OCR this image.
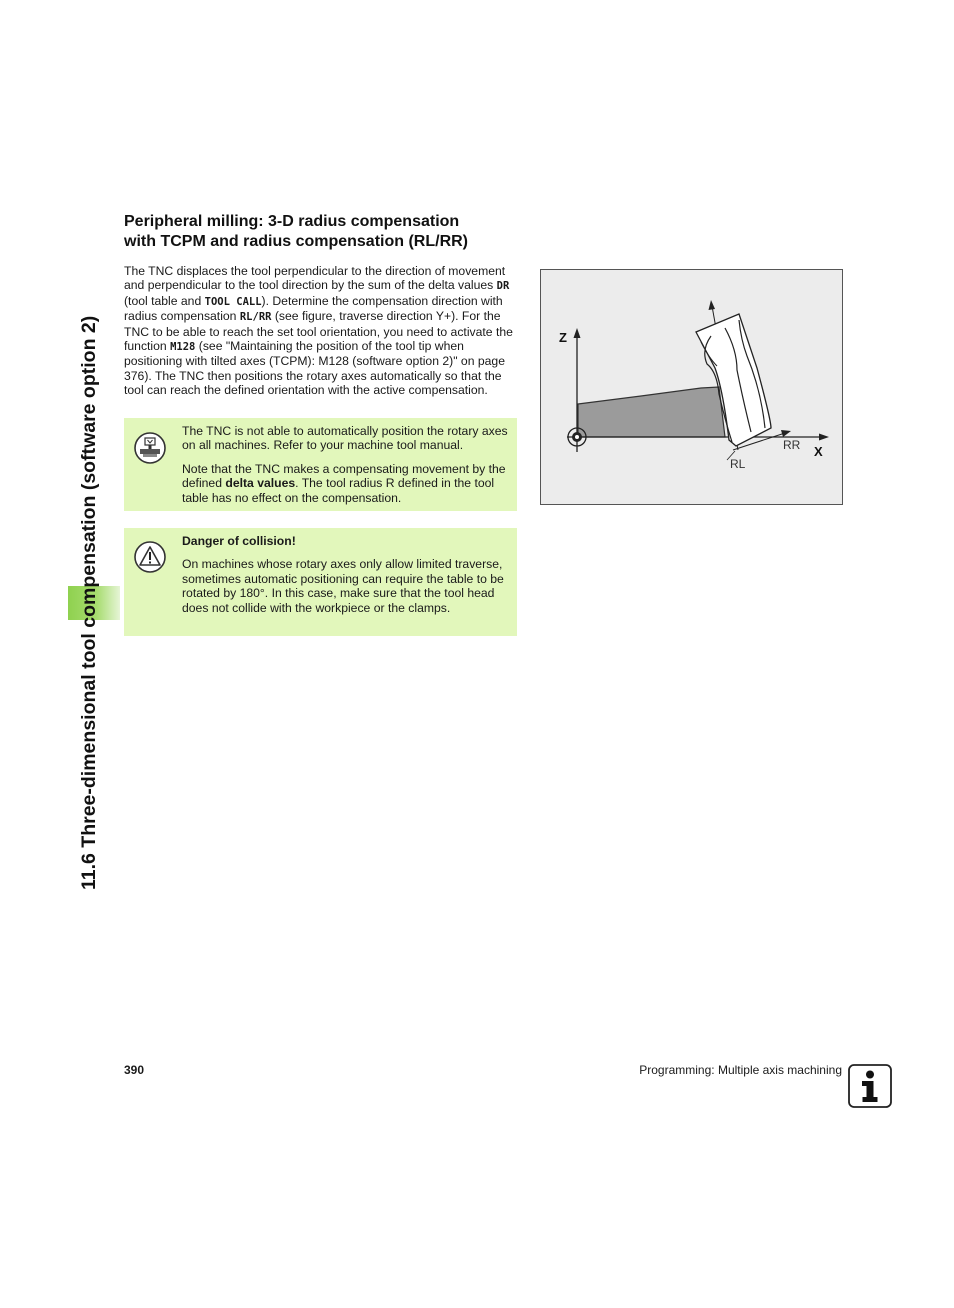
11.6 Three-dimensional tool compensation (software option 2)
Peripheral milling: 3-D radius compensation
with TCPM and radius compensation (RL/RR)

The TNC displaces the tool perpendicular to the direction of movement and perpendicular to the tool direction by the sum of the delta values DR (tool table and TOOL CALL). Determine the compensation direction with radius compensation RL/RR (see figure, traverse direction Y+). For the TNC to be able to reach the set tool orientation, you need to activate the function M128 (see "Maintaining the position of the tool tip when positioning with tilted axes (TCPM): M128 (software option 2)" on page 376). The TNC then positions the rotary axes automatically so that the tool can reach the defined orientation with the active compensation.

The TNC is not able to automatically position the rotary axes on all machines. Refer to your machine tool manual.

Note that the TNC makes a compensating movement by the defined delta values. The tool radius R defined in the tool table has no effect on the compensation.

Danger of collision!

On machines whose rotary axes only allow limited traverse, sometimes automatic positioning can require the table to be rotated by 180°. In this case, make sure that the tool head does not collide with the workpiece or the clamps.

Z
X
RR
RL
390	Programming: Multiple axis machining
